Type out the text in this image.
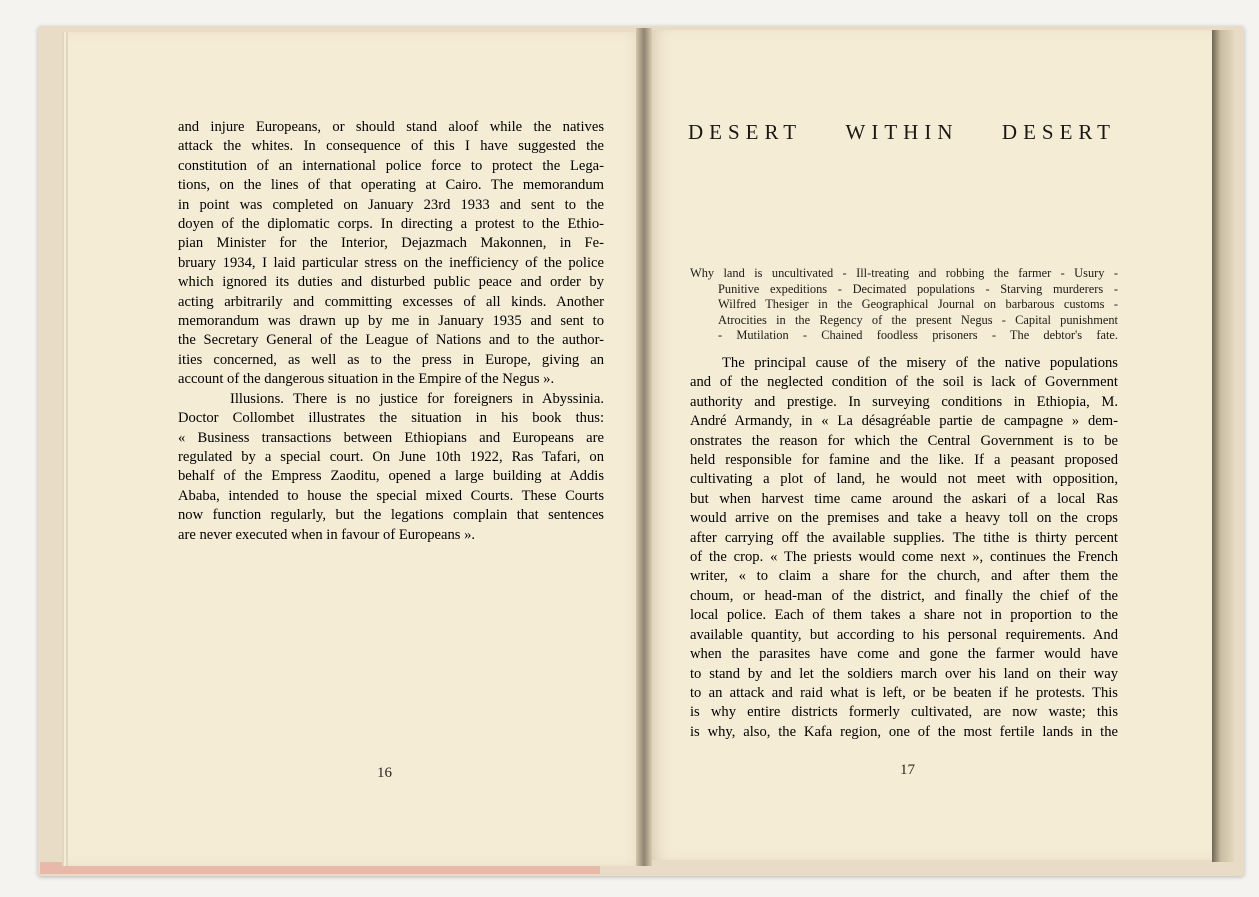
and injure Europeans, or should stand aloof while the natives
attack the whites. In consequence of this I have suggested the
constitution of an international police force to protect the Lega-
tions, on the lines of that operating at Cairo. The memorandum
in point was completed on January 23rd 1933 and sent to the
doyen of the diplomatic corps. In directing a protest to the Ethio-
pian Minister for the Interior, Dejazmach Makonnen, in Fe-
bruary 1934, I laid particular stress on the inefficiency of the police
which ignored its duties and disturbed public peace and order by
acting arbitrarily and committing excesses of all kinds. Another
memorandum was drawn up by me in January 1935 and sent to
the Secretary General of the League of Nations and to the author-
ities concerned, as well as to the press in Europe, giving an
account of the dangerous situation in the Empire of the Negus ».
Illusions. There is no justice for foreigners in Abyssinia.
Doctor Collombet illustrates the situation in his book thus:
« Business transactions between Ethiopians and Europeans are
regulated by a special court. On June 10th 1922, Ras Tafari, on
behalf of the Empress Zaoditu, opened a large building at Addis
Ababa, intended to house the special mixed Courts. These Courts
now function regularly, but the legations complain that sentences
are never executed when in favour of Europeans ».
16
DESERT WITHIN DESERT
Why land is uncultivated - Ill-treating and robbing the farmer - Usury -
Punitive expeditions - Decimated populations - Starving murderers -
Wilfred Thesiger in the Geographical Journal on barbarous customs -
Atrocities in the Regency of the present Negus - Capital punishment
- Mutilation - Chained foodless prisoners - The debtor's fate.
The principal cause of the misery of the native populations
and of the neglected condition of the soil is lack of Government
authority and prestige. In surveying conditions in Ethiopia, M.
André Armandy, in « La désagréable partie de campagne » dem-
onstrates the reason for which the Central Government is to be
held responsible for famine and the like. If a peasant proposed
cultivating a plot of land, he would not meet with opposition,
but when harvest time came around the askari of a local Ras
would arrive on the premises and take a heavy toll on the crops
after carrying off the available supplies. The tithe is thirty percent
of the crop. « The priests would come next », continues the French
writer, « to claim a share for the church, and after them the
choum, or head-man of the district, and finally the chief of the
local police. Each of them takes a share not in proportion to the
available quantity, but according to his personal requirements. And
when the parasites have come and gone the farmer would have
to stand by and let the soldiers march over his land on their way
to an attack and raid what is left, or be beaten if he protests. This
is why entire districts formerly cultivated, are now waste; this
is why, also, the Kafa region, one of the most fertile lands in the
17
